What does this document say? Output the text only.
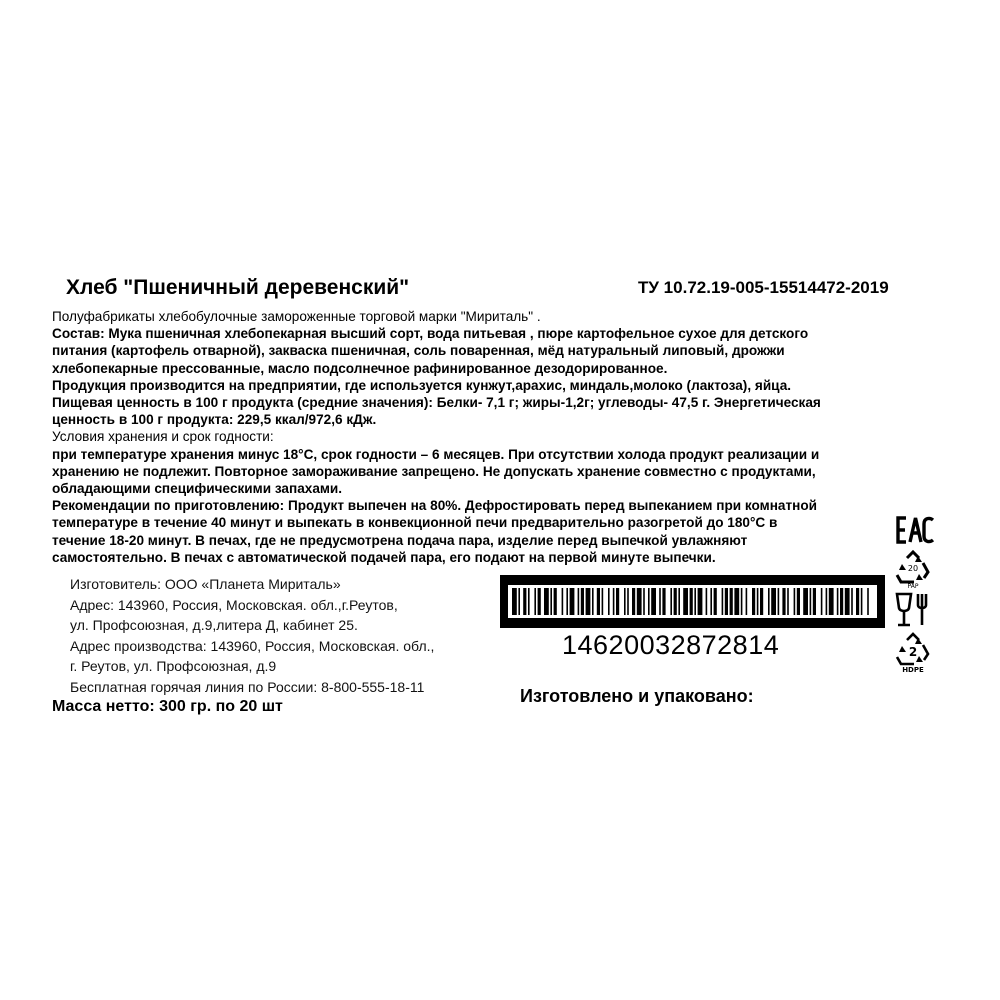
Хлеб "Пшеничный деревенский"	ТУ 10.72.19-005-15514472-2019
Полуфабрикаты хлебобулочные замороженные торговой марки "Мириталь" .
Состав: Мука пшеничная хлебопекарная высший сорт, вода питьевая , пюре картофельное сухое для детского
питания (картофель отварной), закваска пшеничная, соль поваренная, мёд натуральный липовый, дрожжи
хлебопекарные прессованные, масло подсолнечное рафинированное дезодорированное.
Продукция производится на предприятии, где используется кунжут,арахис, миндаль,молоко (лактоза), яйца.
Пищевая ценность в 100 г продукта (средние значения): Белки- 7,1 г; жиры-1,2г; углеводы- 47,5 г. Энергетическая
ценность в 100 г продукта: 229,5 ккал/972,6 кДж.
Условия хранения и срок годности:
при температуре хранения минус 18°С, срок годности – 6 месяцев. При отсутствии холода продукт реализации и
хранению не подлежит. Повторное замораживание запрещено. Не допускать хранение совместно с продуктами,
обладающими специфическими запахами.
Рекомендации по приготовлению: Продукт выпечен на 80%. Дефростировать перед выпеканием при комнатной
температуре в течение 40 минут и выпекать в конвекционной печи предварительно разогретой до 180°С в
течение 18-20 минут. В печах, где не предусмотрена подача пара, изделие перед выпечкой увлажняют
самостоятельно. В печах с автоматической подачей пара, его подают на первой минуте выпечки.
Изготовитель: ООО «Планета Мириталь»
Адрес: 143960, Россия, Московская. обл.,г.Реутов,
ул. Профсоюзная, д.9,литера Д, кабинет 25.
Адрес производства: 143960, Россия, Московская. обл.,
г. Реутов, ул. Профсоюзная, д.9
Бесплатная горячая линия по России: 8-800-555-18-11
Масса нетто: 300 гр. по 20 шт
14620032872814
Изготовлено и упаковано:
20
PAP
2
HDPE
